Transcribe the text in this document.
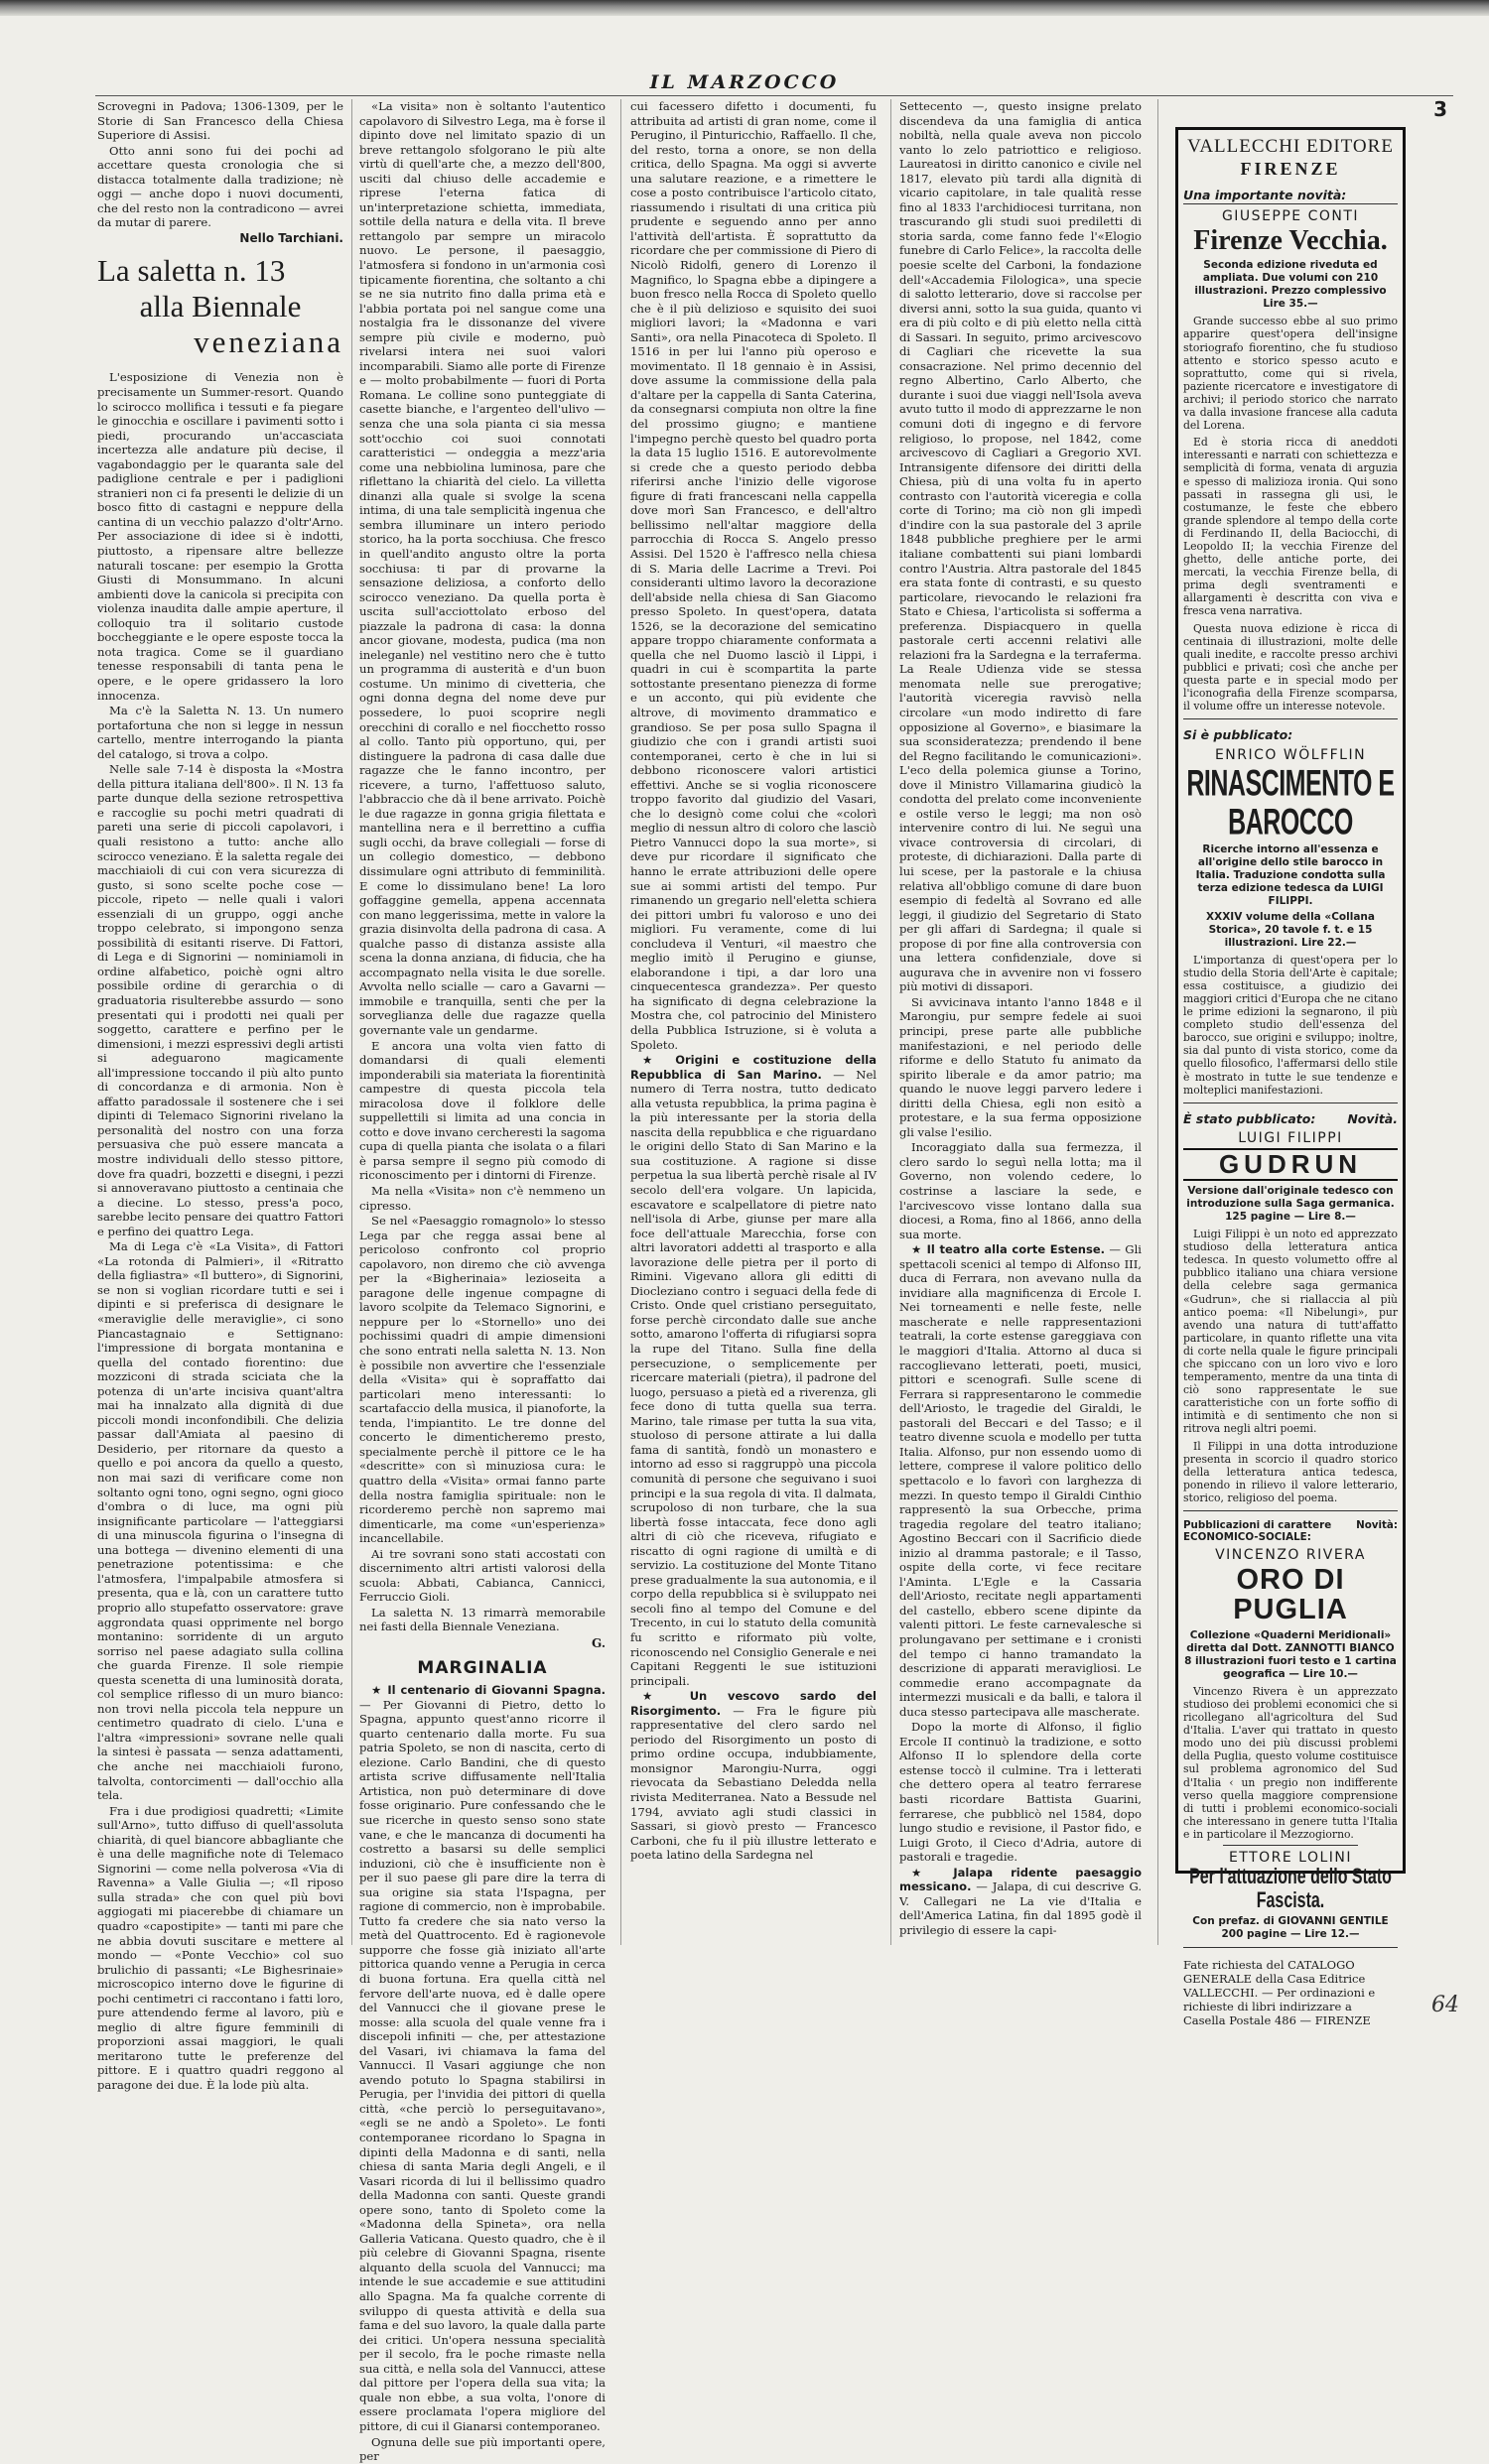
IL MARZOCCO
3

Scrovegni in Padova; 1306-1309, per le Storie di San Francesco della Chiesa Superiore di Assisi.

Otto anni sono fui dei pochi ad accettare questa cronologia che si distacca totalmente dalla tradizione; nè oggi — anche dopo i nuovi documenti, che del resto non la contradicono — avrei da mutar di parere.

Nello Tarchiani.
La saletta n. 13
alla Biennale
veneziana

L'esposizione di Venezia non è precisamente un Summer-resort. Quando lo scirocco mollifica i tessuti e fa piegare le ginocchia e oscillare i pavimenti sotto i piedi, procurando un'accasciata incertezza alle andature più decise, il vagabondaggio per le quaranta sale del padiglione centrale e per i padiglioni stranieri non ci fa presenti le delizie di un bosco fitto di castagni e neppure della cantina di un vecchio palazzo d'oltr'Arno. Per associazione di idee si è indotti, piuttosto, a ripensare altre bellezze naturali toscane: per esempio la Grotta Giusti di Monsummano. In alcuni ambienti dove la canicola si precipita con violenza inaudita dalle ampie aperture, il colloquio tra il solitario custode boccheggiante e le opere esposte tocca la nota tragica. Come se il guardiano tenesse responsabili di tanta pena le opere, e le opere gridassero la loro innocenza.

Ma c'è la Saletta N. 13. Un numero portafortuna che non si legge in nessun cartello, mentre interrogando la pianta del catalogo, si trova a colpo.

Nelle sale 7-14 è disposta la «Mostra della pittura italiana dell'800». Il N. 13 fa parte dunque della sezione retrospettiva e raccoglie su pochi metri quadrati di pareti una serie di piccoli capolavori, i quali resistono a tutto: anche allo scirocco veneziano. È la saletta regale dei macchiaioli di cui con vera sicurezza di gusto, si sono scelte poche cose — piccole, ripeto — nelle quali i valori essenziali di un gruppo, oggi anche troppo celebrato, si impongono senza possibilità di esitanti riserve. Di Fattori, di Lega e di Signorini — nominiamoli in ordine alfabetico, poichè ogni altro possibile ordine di gerarchia o di graduatoria risulterebbe assurdo — sono presentati qui i prodotti nei quali per soggetto, carattere e perfino per le dimensioni, i mezzi espressivi degli artisti si adeguarono magicamente all'impressione toccando il più alto punto di concordanza e di armonia. Non è affatto paradossale il sostenere che i sei dipinti di Telemaco Signorini rivelano la personalità del nostro con una forza persuasiva che può essere mancata a mostre individuali dello stesso pittore, dove fra quadri, bozzetti e disegni, i pezzi si annoveravano piuttosto a centinaia che a diecine. Lo stesso, press'a poco, sarebbe lecito pensare dei quattro Fattori e perfino dei quattro Lega.

Ma di Lega c'è «La Visita», di Fattori «La rotonda di Palmieri», il «Ritratto della figliastra» «Il buttero», di Signorini, se non si voglian ricordare tutti e sei i dipinti e si preferisca di designare le «meraviglie delle meraviglie», ci sono Piancastagnaio e Settignano: l'impressione di borgata montanina e quella del contado fiorentino: due mozziconi di strada sciciata che la potenza di un'arte incisiva quant'altra mai ha innalzato alla dignità di due piccoli mondi inconfondibili. Che delizia passar dall'Amiata al paesino di Desiderio, per ritornare da questo a quello e poi ancora da quello a questo, non mai sazi di verificare come non soltanto ogni tono, ogni segno, ogni gioco d'ombra o di luce, ma ogni più insignificante particolare — l'atteggiarsi di una minuscola figurina o l'insegna di una bottega — divenino elementi di una penetrazione potentissima: e che l'atmosfera, l'impalpabile atmosfera si presenta, qua e là, con un carattere tutto proprio allo stupefatto osservatore: grave aggrondata quasi opprimente nel borgo montanino: sorridente di un arguto sorriso nel paese adagiato sulla collina che guarda Firenze. Il sole riempie questa scenetta di una luminosità dorata, col semplice riflesso di un muro bianco: non trovi nella piccola tela neppure un centimetro quadrato di cielo. L'una e l'altra «impressioni» sovrane nelle quali la sintesi è passata — senza adattamenti, che anche nei macchiaioli furono, talvolta, contorcimenti — dall'occhio alla tela.

Fra i due prodigiosi quadretti; «Limite sull'Arno», tutto diffuso di quell'assoluta chiarità, di quel biancore abbagliante che è una delle magnifiche note di Telemaco Signorini — come nella polverosa «Via di Ravenna» a Valle Giulia —; «Il riposo sulla strada» che con quel più bovi aggiogati mi piacerebbe di chiamare un quadro «capostipite» — tanti mi pare che ne abbia dovuti suscitare e mettere al mondo — «Ponte Vecchio» col suo brulichio di passanti; «Le Bighesrinaie» microscopico interno dove le figurine di pochi centimetri ci raccontano i fatti loro, pure attendendo ferme al lavoro, più e meglio di altre figure femminili di proporzioni assai maggiori, le quali meritarono tutte le preferenze del pittore. E i quattro quadri reggono al paragone dei due. È la lode più alta.

«La visita» non è soltanto l'autentico capolavoro di Silvestro Lega, ma è forse il dipinto dove nel limitato spazio di un breve rettangolo sfolgorano le più alte virtù di quell'arte che, a mezzo dell'800, usciti dal chiuso delle accademie e riprese l'eterna fatica di un'interpretazione schietta, immediata, sottile della natura e della vita. Il breve rettangolo par sempre un miracolo nuovo. Le persone, il paesaggio, l'atmosfera si fondono in un'armonia così tipicamente fiorentina, che soltanto a chi se ne sia nutrito fino dalla prima età e l'abbia portata poi nel sangue come una nostalgia fra le dissonanze del vivere sempre più civile e moderno, può rivelarsi intera nei suoi valori incomparabili. Siamo alle porte di Firenze e — molto probabilmente — fuori di Porta Romana. Le colline sono punteggiate di casette bianche, e l'argenteo dell'ulivo — senza che una sola pianta ci sia messa sott'occhio coi suoi connotati caratteristici — ondeggia a mezz'aria come una nebbiolina luminosa, pare che riflettano la chiarità del cielo. La villetta dinanzi alla quale si svolge la scena intima, di una tale semplicità ingenua che sembra illuminare un intero periodo storico, ha la porta socchiusa. Che fresco in quell'andito angusto oltre la porta socchiusa: ti par di provarne la sensazione deliziosa, a conforto dello scirocco veneziano. Da quella porta è uscita sull'acciottolato erboso del piazzale la padrona di casa: la donna ancor giovane, modesta, pudica (ma non ineleganle) nel vestitino nero che è tutto un programma di austerità e d'un buon costume. Un minimo di civetteria, che ogni donna degna del nome deve pur possedere, lo puoi scoprire negli orecchini di corallo e nel fiocchetto rosso al collo. Tanto più opportuno, qui, per distinguere la padrona di casa dalle due ragazze che le fanno incontro, per ricevere, a turno, l'affettuoso saluto, l'abbraccio che dà il bene arrivato. Poichè le due ragazze in gonna grigia filettata e mantellina nera e il berrettino a cuffia sugli occhi, da brave collegiali — forse di un collegio domestico, — debbono dissimulare ogni attributo di femminilità. E come lo dissimulano bene! La loro goffaggine gemella, appena accennata con mano leggerissima, mette in valore la grazia disinvolta della padrona di casa. A qualche passo di distanza assiste alla scena la donna anziana, di fiducia, che ha accompagnato nella visita le due sorelle. Avvolta nello scialle — caro a Gavarni — immobile e tranquilla, senti che per la sorveglianza delle due ragazze quella governante vale un gendarme.

E ancora una volta vien fatto di domandarsi di quali elementi imponderabili sia materiata la fiorentinità campestre di questa piccola tela miracolosa dove il folklore delle suppellettili si limita ad una concia in cotto e dove invano cercheresti la sagoma cupa di quella pianta che isolata o a filari è parsa sempre il segno più comodo di riconoscimento per i dintorni di Firenze.

Ma nella «Visita» non c'è nemmeno un cipresso.

Se nel «Paesaggio romagnolo» lo stesso Lega par che regga assai bene al pericoloso confronto col proprio capolavoro, non diremo che ciò avvenga per la «Bigherinaia» lezioseita a paragone delle ingenue compagne di lavoro scolpite da Telemaco Signorini, e neppure per lo «Stornello» uno dei pochissimi quadri di ampie dimensioni che sono entrati nella saletta N. 13. Non è possibile non avvertire che l'essenziale della «Visita» qui è sopraffatto dai particolari meno interessanti: lo scartafaccio della musica, il pianoforte, la tenda, l'impiantito. Le tre donne del concerto le dimenticheremo presto, specialmente perchè il pittore ce le ha «descritte» con sì minuziosa cura: le quattro della «Visita» ormai fanno parte della nostra famiglia spirituale: non le ricorderemo perchè non sapremo mai dimenticarle, ma come «un'esperienza» incancellabile.

Ai tre sovrani sono stati accostati con discernimento altri artisti valorosi della scuola: Abbati, Cabianca, Cannicci, Ferruccio Gioli.

La saletta N. 13 rimarrà memorabile nei fasti della Biennale Veneziana.

G.
MARGINALIA

★ Il centenario di Giovanni Spagna. — Per Giovanni di Pietro, detto lo Spagna, appunto quest'anno ricorre il quarto centenario dalla morte. Fu sua patria Spoleto, se non di nascita, certo di elezione. Carlo Bandini, che di questo artista scrive diffusamente nell'Italia Artistica, non può determinare di dove fosse originario. Pure confessando che le sue ricerche in questo senso sono state vane, e che le mancanza di documenti ha costretto a basarsi su delle semplici induzioni, ciò che è insufficiente non è per il suo paese gli pare dire la terra di sua origine sia stata l'Ispagna, per ragione di commercio, non è improbabile. Tutto fa credere che sia nato verso la metà del Quattrocento. Ed è ragionevole supporre che fosse già iniziato all'arte pittorica quando venne a Perugia in cerca di buona fortuna. Era quella città nel fervore dell'arte nuova, ed è dalle opere del Vannucci che il giovane prese le mosse: alla scuola del quale venne fra i discepoli infiniti — che, per attestazione del Vasari, ivi chiamava la fama del Vannucci. Il Vasari aggiunge che non avendo potuto lo Spagna stabilirsi in Perugia, per l'invidia dei pittori di quella città, «che perciò lo perseguitavano», «egli se ne andò a Spoleto». Le fonti contemporanee ricordano lo Spagna in dipinti della Madonna e di santi, nella chiesa di santa Maria degli Angeli, e il Vasari ricorda di lui il bellissimo quadro della Madonna con santi. Queste grandi opere sono, tanto di Spoleto come la «Madonna della Spineta», ora nella Galleria Vaticana. Questo quadro, che è il più celebre di Giovanni Spagna, risente alquanto della scuola del Vannucci; ma intende le sue accademie e sue attitudini allo Spagna. Ma fa qualche corrente di sviluppo di questa attività e della sua fama e del suo lavoro, la quale dalla parte dei critici. Un'opera nessuna specialità per il secolo, fra le poche rimaste nella sua città, e nella sola del Vannucci, attese dal pittore per l'opera della sua vita; la quale non ebbe, a sua volta, l'onore di essere proclamata l'opera migliore del pittore, di cui il Gianarsi contemporaneo.

Ognuna delle sue più importanti opere, per

cui facessero difetto i documenti, fu attribuita ad artisti di gran nome, come il Perugino, il Pinturicchio, Raffaello. Il che, del resto, torna a onore, se non della critica, dello Spagna. Ma oggi si avverte una salutare reazione, e a rimettere le cose a posto contribuisce l'articolo citato, riassumendo i risultati di una critica più prudente e seguendo anno per anno l'attività dell'artista. È soprattutto da ricordare che per commissione di Piero di Nicolò Ridolfi, genero di Lorenzo il Magnifico, lo Spagna ebbe a dipingere a buon fresco nella Rocca di Spoleto quello che è il più delizioso e squisito dei suoi migliori lavori; la «Madonna e vari Santi», ora nella Pinacoteca di Spoleto. Il 1516 in per lui l'anno più operoso e movimentato. Il 18 gennaio è in Assisi, dove assume la commissione della pala d'altare per la cappella di Santa Caterina, da consegnarsi compiuta non oltre la fine del prossimo giugno; e mantiene l'impegno perchè questo bel quadro porta la data 15 luglio 1516. E autorevolmente si crede che a questo periodo debba riferirsi anche l'inizio delle vigorose figure di frati francescani nella cappella dove morì San Francesco, e dell'altro bellissimo nell'altar maggiore della parrocchia di Rocca S. Angelo presso Assisi. Del 1520 è l'affresco nella chiesa di S. Maria delle Lacrime a Trevi. Poi consideranti ultimo lavoro la decorazione dell'abside nella chiesa di San Giacomo presso Spoleto. In quest'opera, datata 1526, se la decorazione del semicatino appare troppo chiaramente conformata a quella che nel Duomo lasciò il Lippi, i quadri in cui è scompartita la parte sottostante presentano pienezza di forme e un acconto, qui più evidente che altrove, di movimento drammatico e grandioso. Se per posa sullo Spagna il giudizio che con i grandi artisti suoi contemporanei, certo è che in lui si debbono riconoscere valori artistici effettivi. Anche se si voglia riconoscere troppo favorito dal giudizio del Vasari, che lo designò come colui che «colorì meglio di nessun altro di coloro che lasciò Pietro Vannucci dopo la sua morte», si deve pur ricordare il significato che hanno le errate attribuzioni delle opere sue ai sommi artisti del tempo. Pur rimanendo un gregario nell'eletta schiera dei pittori umbri fu valoroso e uno dei migliori. Fu veramente, come di lui concludeva il Venturi, «il maestro che meglio imitò il Perugino e giunse, elaborandone i tipi, a dar loro una cinquecentesca grandezza». Per questo ha significato di degna celebrazione la Mostra che, col patrocinio del Ministero della Pubblica Istruzione, si è voluta a Spoleto.

★ Origini e costituzione della Repubblica di San Marino. — Nel numero di Terra nostra, tutto dedicato alla vetusta repubblica, la prima pagina è la più interessante per la storia della nascita della repubblica e che riguardano le origini dello Stato di San Marino e la sua costituzione. A ragione si disse perpetua la sua libertà perchè risale al IV secolo dell'era volgare. Un lapicida, escavatore e scalpellatore di pietre nato nell'isola di Arbe, giunse per mare alla foce dell'attuale Marecchia, forse con altri lavoratori addetti al trasporto e alla lavorazione delle pietra per il porto di Rimini. Vigevano allora gli editti di Diocleziano contro i seguaci della fede di Cristo. Onde quel cristiano perseguitato, forse perchè circondato dalle sue anche sotto, amarono l'offerta di rifugiarsi sopra la rupe del Titano. Sulla fine della persecuzione, o semplicemente per ricercare materiali (pietra), il padrone del luogo, persuaso a pietà ed a riverenza, gli fece dono di tutta quella sua terra. Marino, tale rimase per tutta la sua vita, stuoloso di persone attirate a lui dalla fama di santità, fondò un monastero e intorno ad esso si raggruppò una piccola comunità di persone che seguivano i suoi principi e la sua regola di vita. Il dalmata, scrupoloso di non turbare, che la sua libertà fosse intaccata, fece dono agli altri di ciò che riceveva, rifugiato e riscatto di ogni ragione di umiltà e di servizio. La costituzione del Monte Titano prese gradualmente la sua autonomia, e il corpo della repubblica si è sviluppato nei secoli fino al tempo del Comune e del Trecento, in cui lo statuto della comunità fu scritto e riformato più volte, riconoscendo nel Consiglio Generale e nei Capitani Reggenti le sue istituzioni principali.

★ Un vescovo sardo del Risorgimento. — Fra le figure più rappresentative del clero sardo nel periodo del Risorgimento un posto di primo ordine occupa, indubbiamente, monsignor Marongiu-Nurra, oggi rievocata da Sebastiano Deledda nella rivista Mediterranea. Nato a Bessude nel 1794, avviato agli studi classici in Sassari, si giovò presto — Francesco Carboni, che fu il più illustre letterato e poeta latino della Sardegna nel

Settecento —, questo insigne prelato discendeva da una famiglia di antica nobiltà, nella quale aveva non piccolo vanto lo zelo patriottico e religioso. Laureatosi in diritto canonico e civile nel 1817, elevato più tardi alla dignità di vicario capitolare, in tale qualità resse fino al 1833 l'archidiocesi turritana, non trascurando gli studi suoi prediletti di storia sarda, come fanno fede l'«Elogio funebre di Carlo Felice», la raccolta delle poesie scelte del Carboni, la fondazione dell'«Accademia Filologica», una specie di salotto letterario, dove si raccolse per diversi anni, sotto la sua guida, quanto vi era di più colto e di più eletto nella città di Sassari. In seguito, primo arcivescovo di Cagliari che ricevette la sua consacrazione. Nel primo decennio del regno Albertino, Carlo Alberto, che durante i suoi due viaggi nell'Isola aveva avuto tutto il modo di apprezzarne le non comuni doti di ingegno e di fervore religioso, lo propose, nel 1842, come arcivescovo di Cagliari a Gregorio XVI. Intransigente difensore dei diritti della Chiesa, più di una volta fu in aperto contrasto con l'autorità viceregia e colla corte di Torino; ma ciò non gli impedì d'indire con la sua pastorale del 3 aprile 1848 pubbliche preghiere per le armi italiane combattenti sui piani lombardi contro l'Austria. Altra pastorale del 1845 era stata fonte di contrasti, e su questo particolare, rievocando le relazioni fra Stato e Chiesa, l'articolista si sofferma a preferenza. Dispiacquero in quella pastorale certi accenni relativi alle relazioni fra la Sardegna e la terraferma. La Reale Udienza vide se stessa menomata nelle sue prerogative; l'autorità viceregia ravvisò nella circolare «un modo indiretto di fare opposizione al Governo», e biasimare la sua sconsideratezza; prendendo il bene del Regno facilitando le comunicazioni». L'eco della polemica giunse a Torino, dove il Ministro Villamarina giudicò la condotta del prelato come inconveniente e ostile verso le leggi; ma non osò intervenire contro di lui. Ne seguì una vivace controversia di circolari, di proteste, di dichiarazioni. Dalla parte di lui scese, per la pastorale e la chiusa relativa all'obbligo comune di dare buon esempio di fedeltà al Sovrano ed alle leggi, il giudizio del Segretario di Stato per gli affari di Sardegna; il quale si propose di por fine alla controversia con una lettera confidenziale, dove si augurava che in avvenire non vi fossero più motivi di dissapori.

Si avvicinava intanto l'anno 1848 e il Marongiu, pur sempre fedele ai suoi principi, prese parte alle pubbliche manifestazioni, e nel periodo delle riforme e dello Statuto fu animato da spirito liberale e da amor patrio; ma quando le nuove leggi parvero ledere i diritti della Chiesa, egli non esitò a protestare, e la sua ferma opposizione gli valse l'esilio.

Incoraggiato dalla sua fermezza, il clero sardo lo seguì nella lotta; ma il Governo, non volendo cedere, lo costrinse a lasciare la sede, e l'arcivescovo visse lontano dalla sua diocesi, a Roma, fino al 1866, anno della sua morte.

★ Il teatro alla corte Estense. — Gli spettacoli scenici al tempo di Alfonso III, duca di Ferrara, non avevano nulla da invidiare alla magnificenza di Ercole I. Nei torneamenti e nelle feste, nelle mascherate e nelle rappresentazioni teatrali, la corte estense gareggiava con le maggiori d'Italia. Attorno al duca si raccoglievano letterati, poeti, musici, pittori e scenografi. Sulle scene di Ferrara si rappresentarono le commedie dell'Ariosto, le tragedie del Giraldi, le pastorali del Beccari e del Tasso; e il teatro divenne scuola e modello per tutta Italia. Alfonso, pur non essendo uomo di lettere, comprese il valore politico dello spettacolo e lo favorì con larghezza di mezzi. In questo tempo il Giraldi Cinthio rappresentò la sua Orbecche, prima tragedia regolare del teatro italiano; Agostino Beccari con il Sacrificio diede inizio al dramma pastorale; e il Tasso, ospite della corte, vi fece recitare l'Aminta. L'Egle e la Cassaria dell'Ariosto, recitate negli appartamenti del castello, ebbero scene dipinte da valenti pittori. Le feste carnevalesche si prolungavano per settimane e i cronisti del tempo ci hanno tramandato la descrizione di apparati meravigliosi. Le commedie erano accompagnate da intermezzi musicali e da balli, e talora il duca stesso partecipava alle mascherate.

Dopo la morte di Alfonso, il figlio Ercole II continuò la tradizione, e sotto Alfonso II lo splendore della corte estense toccò il culmine. Tra i letterati che dettero opera al teatro ferrarese basti ricordare Battista Guarini, ferrarese, che pubblicò nel 1584, dopo lungo studio e revisione, il Pastor fido, e Luigi Groto, il Cieco d'Adria, autore di pastorali e tragedie.

★ Jalapa ridente paesaggio messicano. — Jalapa, di cui descrive G. V. Callegari ne La vie d'Italia e dell'America Latina, fin dal 1895 godè il privilegio di essere la capi-

VALLECCHI EDITORE
FIRENZE
Una importante novità:
GIUSEPPE CONTI
Firenze Vecchia.
Seconda edizione riveduta ed ampliata. Due volumi con 210 illustrazioni. Prezzo complessivo Lire 35.—

Grande successo ebbe al suo primo apparire quest'opera dell'insigne storiografo fiorentino, che fu studioso attento e storico spesso acuto e soprattutto, come qui si rivela, paziente ricercatore e investigatore di archivi; il periodo storico che narrato va dalla invasione francese alla caduta del Lorena.

Ed è storia ricca di aneddoti interessanti e narrati con schiettezza e semplicità di forma, venata di arguzia e spesso di malizioza ironia. Qui sono passati in rassegna gli usi, le costumanze, le feste che ebbero grande splendore al tempo della corte di Ferdinando II, della Baciocchi, di Leopoldo II; la vecchia Firenze del ghetto, delle antiche porte, dei mercati, la vecchia Firenze bella, di prima degli sventramenti e allargamenti è descritta con viva e fresca vena narrativa.

Questa nuova edizione è ricca di centinaia di illustrazioni, molte delle quali inedite, e raccolte presso archivi pubblici e privati; così che anche per questa parte e in special modo per l'iconografia della Firenze scomparsa, il volume offre un interesse notevole.

Si è pubblicato:
ENRICO WÖLFFLIN
RINASCIMENTO E BAROCCO
Ricerche intorno all'essenza e all'origine dello stile barocco in Italia. Traduzione condotta sulla terza edizione tedesca da LUIGI FILIPPI.
XXXIV volume della «Collana Storica», 20 tavole f. t. e 15 illustrazioni. Lire 22.—

L'importanza di quest'opera per lo studio della Storia dell'Arte è capitale; essa costituisce, a giudizio dei maggiori critici d'Europa che ne citano le prime edizioni la segnaronο, il più completo studio dell'essenza del barocco, sue origini e sviluppo; inoltre, sia dal punto di vista storico, come da quello filosofico, l'affermarsi dello stile è mostrato in tutte le sue tendenze e molteplici manifestazioni.

È stato pubblicato:	Novità.
LUIGI FILIPPI
GUDRUN
Versione dall'originale tedesco con introduzione sulla Saga germanica. 125 pagine — Lire 8.—

Luigi Filippi è un noto ed apprezzato studioso della letteratura antica tedesca. In questo volumetto offre al pubblico italiano una chiara versione della celebre saga germanica «Gudrun», che si riallaccia al più antico poema: «Il Nibelungi», pur avendo una natura di tutt'affatto particolare, in quanto riflette una vita di corte nella quale le figure principali che spiccano con un loro vivo e loro temperamento, mentre da una tinta di ciò sono rappresentate le sue caratteristiche con un forte soffio di intimità e di sentimento che non si ritrova negli altri poemi.

Il Filippi in una dotta introduzione presenta in scorcio il quadro storico della letteratura antica tedesca, ponendo in rilievo il valore letterario, storico, religioso del poema.

Pubblicazioni di carattere ECONOMICO-SOCIALE:
Novità:
VINCENZO RIVERA
ORO DI PUGLIA
Collezione «Quaderni Meridionali» diretta dal Dott. ZANNOTTI BIANCO 8 illustrazioni fuori testo e 1 cartina geografica — Lire 10.—

Vincenzo Rivera è un apprezzato studioso dei problemi economici che si ricollegano all'agricoltura del Sud d'Italia. L'aver qui trattato in questo modo uno dei più discussi problemi della Puglia, questo volume costituisce sul problema agronomico del Sud d'Italia ‹ un pregio non indifferente verso quella maggiore comprensione di tutti i problemi economico-sociali che interessano in genere tutta l'Italia e in particolare il Mezzogiorno.

ETTORE LOLINI
Per l'attuazione dello Stato Fascista.
Con prefaz. di GIOVANNI GENTILE 200 pagine — Lire 12.—

Fate richiesta del CATALOGO GENERALE della Casa Editrice VALLECCHI. — Per ordinazioni e richieste di libri indirizzare a Casella Postale 486 — FIRENZE

64
